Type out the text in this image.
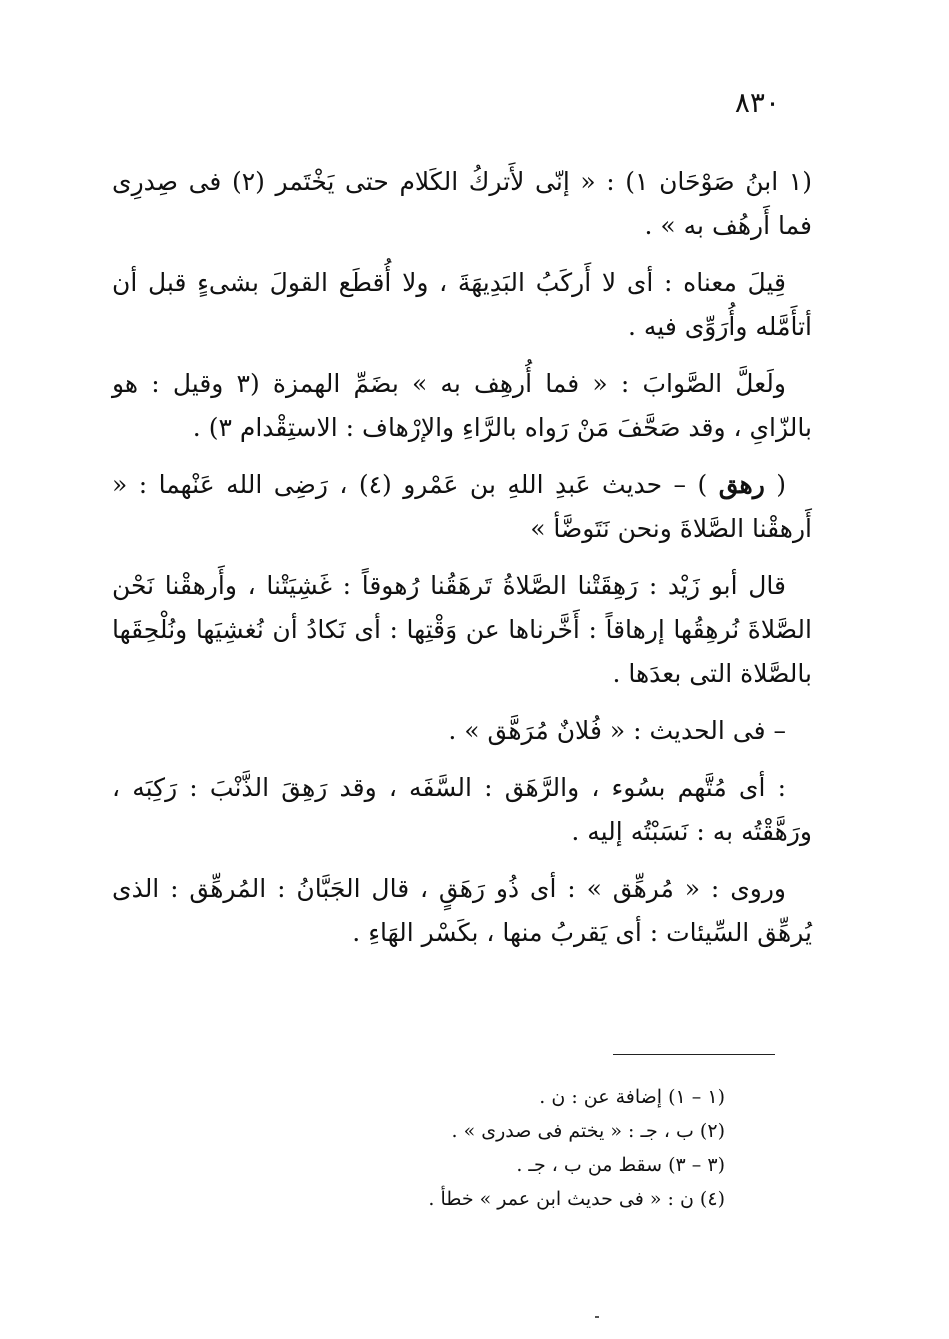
٨٣٠

(١ ابنُ صَوْحَان ١) : « إنّى لأَتركُ الكَلام حتى يَخْتَمر (٢) فى صِدرِى فما أَرهُف به » .

قِيلَ معناه : أى لا أَركَبُ البَدِيهَةَ ، ولا أُقطَع القولَ بشىءٍ قبل أن أتأَمَّله وأُرَوِّى فيه .

ولَعلَّ الصَّوابَ : « فما أُرهِف به » بضَمِّ الهمزة (٣ وقيل : هو بالزّاىِ ، وقد صَحَّفَ مَنْ رَواه بالرَّاءِ والإرْهاف : الاستِقْدام ٣) .

( رهق ) – حديث عَبدِ اللهِ بن عَمْرو (٤) ، رَضِى الله عَنْهما : « أَرهقْنا الصَّلاةَ ونحن نَتَوضَّأ »

قال أبو زَيْد : رَهِقَتْنا الصَّلاةُ تَرهَقُنا رُهوقاً : غَشِيَتْنا ، وأَرهقْنا نَحْن الصَّلاةَ نُرهِقُها إرهاقاً : أَخَّرناها عن وَقْتِها : أى نَكادُ أن نُغشِيَها ونُلْحِقَها بالصَّلاة التى بعدَها .

– فى الحديث : « فُلانٌ مُرَهَّق » .

: أى مُتَّهم بسُوء ، والرَّهَق : السَّفَه ، وقد رَهِقَ الذَّنْبَ : رَكِبَه ، ورَهَّقْتُه به : نَسَبْتُه إليه .

وروى : « مُرهِّق » : أى ذُو رَهَقٍ ، قال الجَبَّانُ : المُرهِّق : الذى يُرهِّق السِّيئات : أى يَقربُ منها ، بكَسْر الهَاءِ .

(١ – ١) إضافة عن : ن .
(٢) ب ، جـ : « يختم فى صدرى » .
(٣ – ٣) سقط من ب ، جـ .
(٤) ن : « فى حديث ابن عمر » خطأ .
